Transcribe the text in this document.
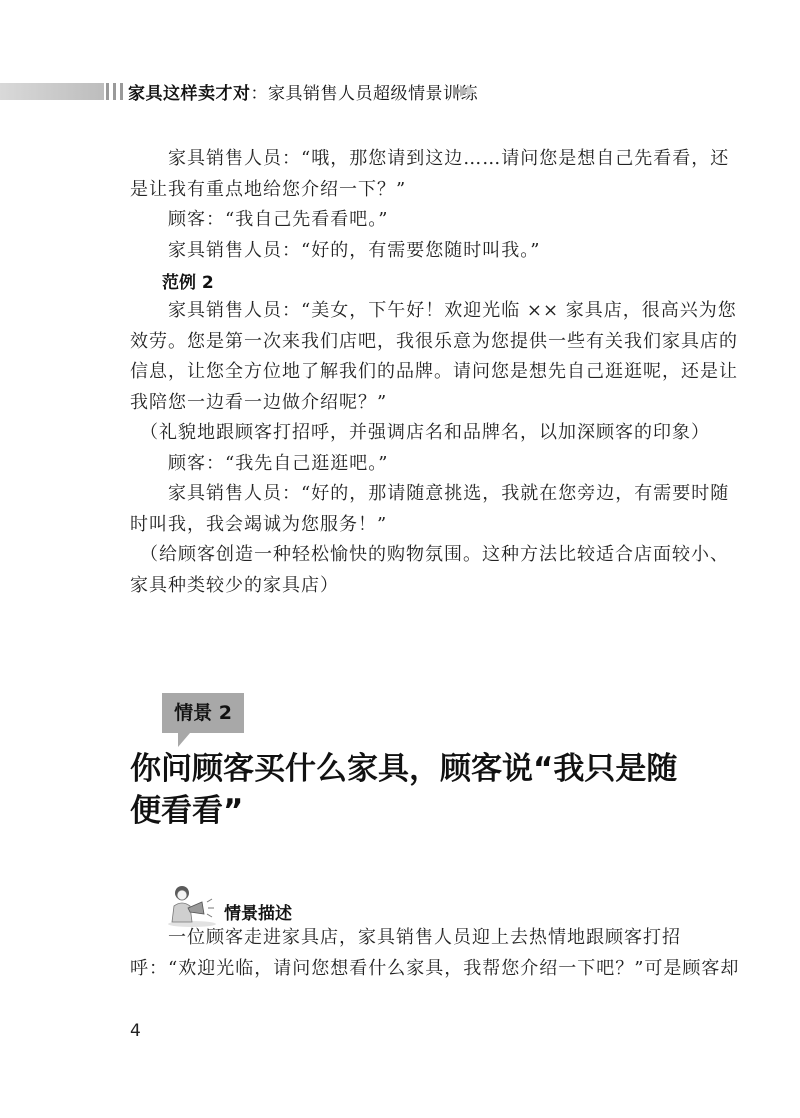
家具这样卖才对：家具销售人员超级情景训练

　　家具销售人员：“哦，那您请到这边……请问您是想自己先看看，还

是让我有重点地给您介绍一下？”

　　顾客：“我自己先看看吧。”

　　家具销售人员：“好的，有需要您随时叫我。”

范例 2

　　家具销售人员：“美女，下午好！欢迎光临 ×× 家具店，很高兴为您

效劳。您是第一次来我们店吧，我很乐意为您提供一些有关我们家具店的

信息，让您全方位地了解我们的品牌。请问您是想先自己逛逛呢，还是让

我陪您一边看一边做介绍呢？”

　（礼貌地跟顾客打招呼，并强调店名和品牌名，以加深顾客的印象）

　　顾客：“我先自己逛逛吧。”

　　家具销售人员：“好的，那请随意挑选，我就在您旁边，有需要时随

时叫我，我会竭诚为您服务！”

　（给顾客创造一种轻松愉快的购物氛围。这种方法比较适合店面较小、

家具种类较少的家具店）

情景 2
你问顾客买什么家具，顾客说“我只是随便看看”
情景描述

　　一位顾客走进家具店，家具销售人员迎上去热情地跟顾客打招

呼：“欢迎光临，请问您想看什么家具，我帮您介绍一下吧？”可是顾客却

4
